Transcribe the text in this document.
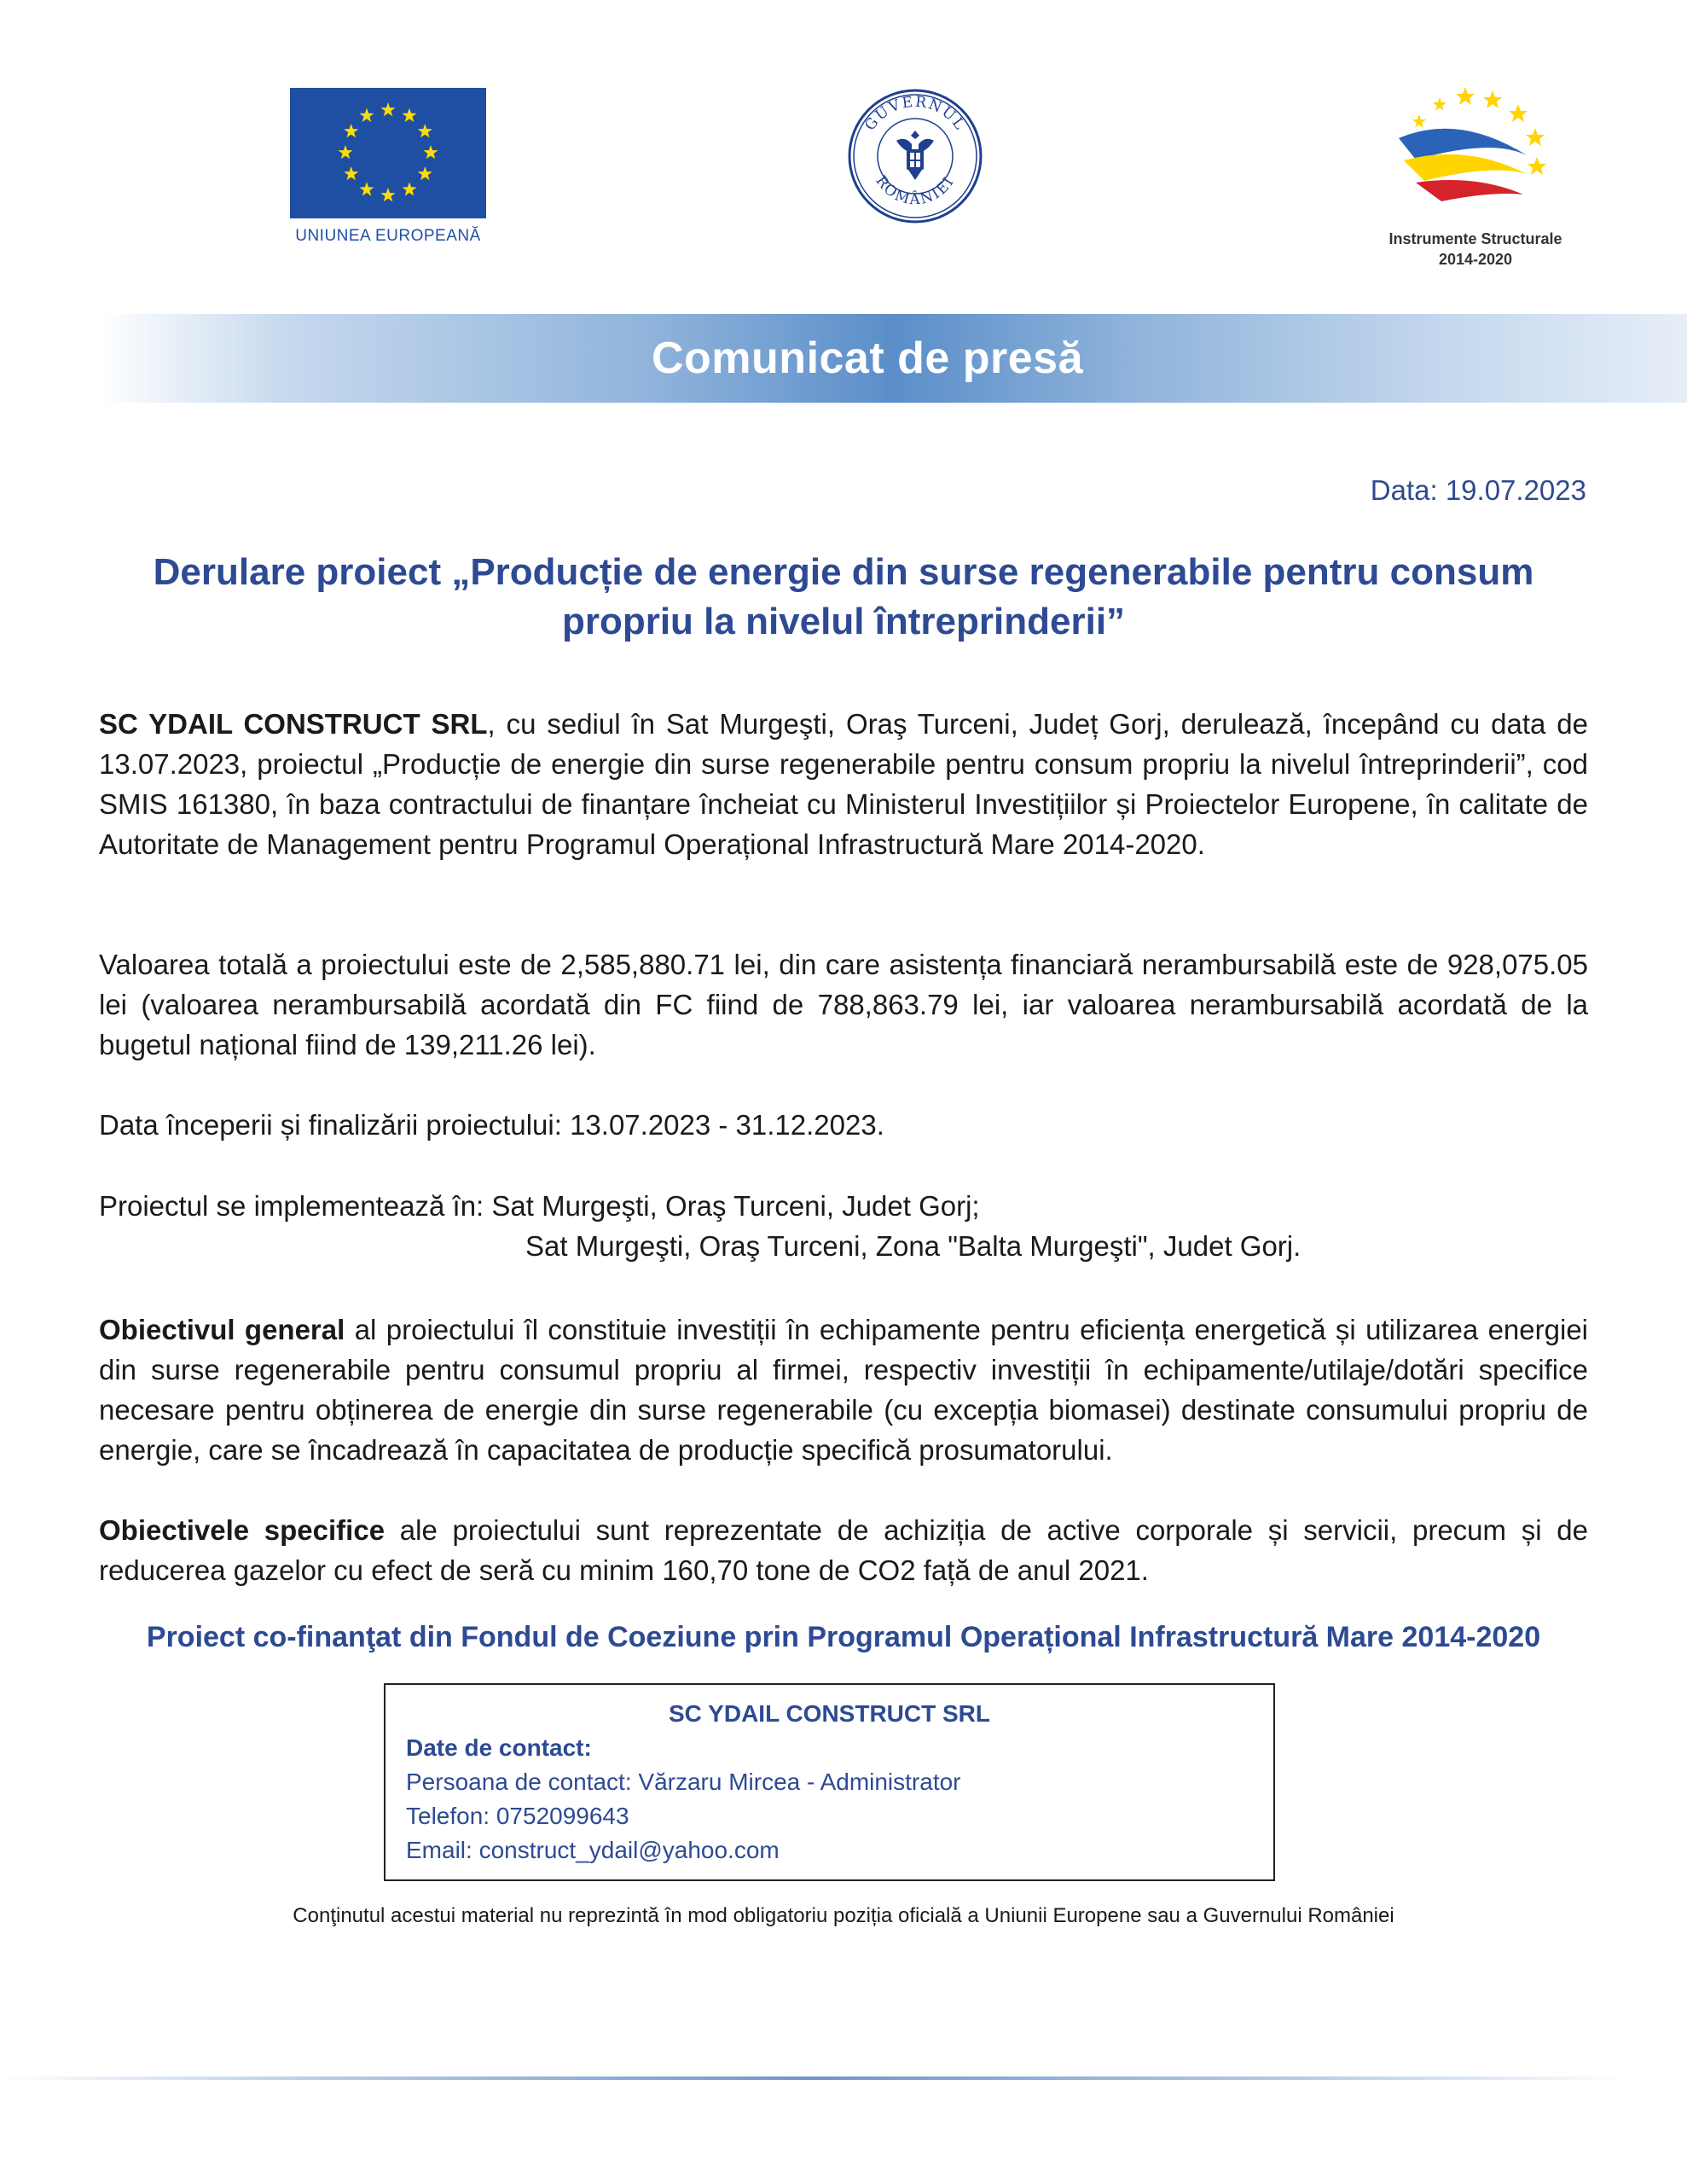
UNIUNEA EUROPEANĂ
GUVERNUL
ROMÂNIEI
Instrumente Structurale
2014-2020
Comunicat de presă
Data: 19.07.2023
Derulare proiect „Producție de energie din surse regenerabile pentru consum
propriu la nivelul întreprinderii”
SC YDAIL CONSTRUCT SRL, cu sediul în Sat Murgeşti, Oraş Turceni, Județ Gorj, derulează, începând cu data de 13.07.2023, proiectul „Producție de energie din surse regenerabile pentru consum propriu la nivelul întreprinderii”, cod SMIS 161380, în baza contractului de finanțare încheiat cu Ministerul Investițiilor și Proiectelor Europene, în calitate de Autoritate de Management pentru Programul Operațional Infrastructură Mare 2014-2020.
Valoarea totală a proiectului este de 2,585,880.71 lei, din care asistența financiară nerambursabilă este de 928,075.05 lei (valoarea nerambursabilă acordată din FC fiind de 788,863.79 lei, iar valoarea nerambursabilă acordată de la bugetul național fiind de 139,211.26 lei).
Data începerii și finalizării proiectului: 13.07.2023 - 31.12.2023.
Proiectul se implementează în: Sat Murgeşti, Oraş Turceni, Judet Gorj;
Sat Murgeşti, Oraş Turceni, Zona "Balta Murgeşti", Judet Gorj.
Obiectivul general al proiectului îl constituie investiții în echipamente pentru eficiența energetică și utilizarea energiei din surse regenerabile pentru consumul propriu al firmei, respectiv investiții în echipamente/utilaje/dotări specifice necesare pentru obținerea de energie din surse regenerabile (cu excepția biomasei) destinate consumului propriu de energie, care se încadrează în capacitatea de producție specifică prosumatorului.
Obiectivele specifice ale proiectului sunt reprezentate de achiziția de active corporale și servicii, precum și de reducerea gazelor cu efect de seră cu minim 160,70 tone de CO2 față de anul 2021.
Proiect co-finanţat din Fondul de Coeziune prin Programul Operațional Infrastructură Mare 2014-2020
SC YDAIL CONSTRUCT SRL
Date de contact:
Persoana de contact: Vărzaru Mircea - Administrator
Telefon: 0752099643
Email: construct_ydail@yahoo.com
Conţinutul acestui material nu reprezintă în mod obligatoriu poziția oficială a Uniunii Europene sau a Guvernului României
